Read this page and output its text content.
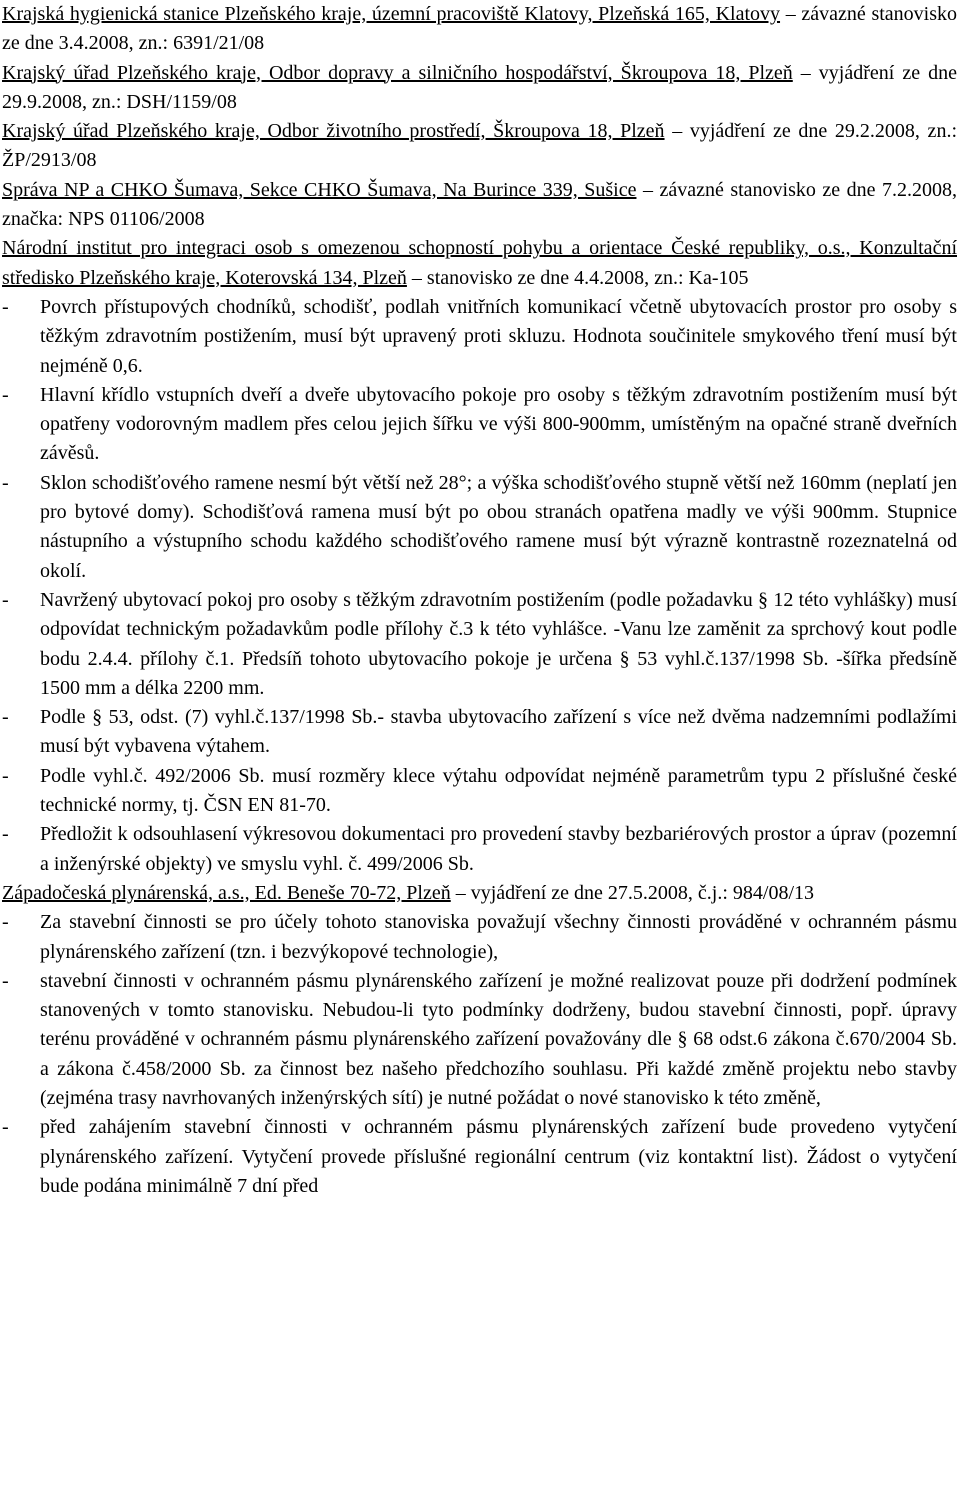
Krajská hygienická stanice Plzeňského kraje, územní pracoviště Klatovy, Plzeňská 165, Klatovy – závazné stanovisko ze dne 3.4.2008, zn.: 6391/21/08

Krajský úřad Plzeňského kraje, Odbor dopravy a silničního hospodářství, Škroupova 18, Plzeň – vyjádření ze dne 29.9.2008, zn.: DSH/1159/08

Krajský úřad Plzeňského kraje, Odbor životního prostředí, Škroupova 18, Plzeň – vyjádření ze dne 29.2.2008, zn.: ŽP/2913/08

Správa NP a CHKO Šumava, Sekce CHKO Šumava, Na Burince 339, Sušice – závazné stanovisko ze dne 7.2.2008, značka: NPS 01106/2008

Národní institut pro integraci osob s omezenou schopností pohybu a orientace České republiky, o.s., Konzultační středisko Plzeňského kraje, Koterovská 134, Plzeň – stanovisko ze dne 4.4.2008, zn.: Ka-105

- Povrch přístupových chodníků, schodišť, podlah vnitřních komunikací včetně ubytovacích prostor pro osoby s těžkým zdravotním postižením, musí být upravený proti skluzu. Hodnota součinitele smykového tření musí být nejméně 0,6.
- Hlavní křídlo vstupních dveří a dveře ubytovacího pokoje pro osoby s těžkým zdravotním postižením musí být opatřeny vodorovným madlem přes celou jejich šířku ve výši 800-900mm, umístěným na opačné straně dveřních závěsů.
- Sklon schodišťového ramene nesmí být větší než 28°; a výška schodišťového stupně větší než 160mm (neplatí jen pro bytové domy). Schodišťová ramena musí být po obou stranách opatřena madly ve výši 900mm. Stupnice nástupního a výstupního schodu každého schodišťového ramene musí být výrazně kontrastně rozeznatelná od okolí.
- Navržený ubytovací pokoj pro osoby s těžkým zdravotním postižením (podle požadavku § 12 této vyhlášky) musí odpovídat technickým požadavkům podle přílohy č.3 k této vyhlášce. -Vanu lze zaměnit za sprchový kout podle bodu 2.4.4. přílohy č.1. Předsíň tohoto ubytovacího pokoje je určena § 53 vyhl.č.137/1998 Sb. -šířka předsíně 1500 mm a délka 2200 mm.
- Podle § 53, odst. (7) vyhl.č.137/1998 Sb.- stavba ubytovacího zařízení s více než dvěma nadzemními podlažími musí být vybavena výtahem.
- Podle vyhl.č. 492/2006 Sb. musí rozměry klece výtahu odpovídat nejméně parametrům typu 2 příslušné české technické normy, tj. ČSN EN 81-70.
- Předložit k odsouhlasení výkresovou dokumentaci pro provedení stavby bezbariérových prostor a úprav (pozemní a inženýrské objekty) ve smyslu vyhl. č. 499/2006 Sb.

Západočeská plynárenská, a.s., Ed. Beneše 70-72, Plzeň – vyjádření ze dne 27.5.2008, č.j.: 984/08/13

- Za stavební činnosti se pro účely tohoto stanoviska považují všechny činnosti prováděné v ochranném pásmu plynárenského zařízení (tzn. i bezvýkopové technologie),
- stavební činnosti v ochranném pásmu plynárenského zařízení je možné realizovat pouze při dodržení podmínek stanovených v tomto stanovisku. Nebudou-li tyto podmínky dodrženy, budou stavební činnosti, popř. úpravy terénu prováděné v ochranném pásmu plynárenského zařízení považovány dle § 68 odst.6 zákona č.670/2004 Sb. a zákona č.458/2000 Sb. za činnost bez našeho předchozího souhlasu. Při každé změně projektu nebo stavby (zejména trasy navrhovaných inženýrských sítí) je nutné požádat o nové stanovisko k této změně,
- před zahájením stavební činnosti v ochranném pásmu plynárenských zařízení bude provedeno vytyčení plynárenského zařízení. Vytyčení provede příslušné regionální centrum (viz kontaktní list). Žádost o vytyčení bude podána minimálně 7 dní před
